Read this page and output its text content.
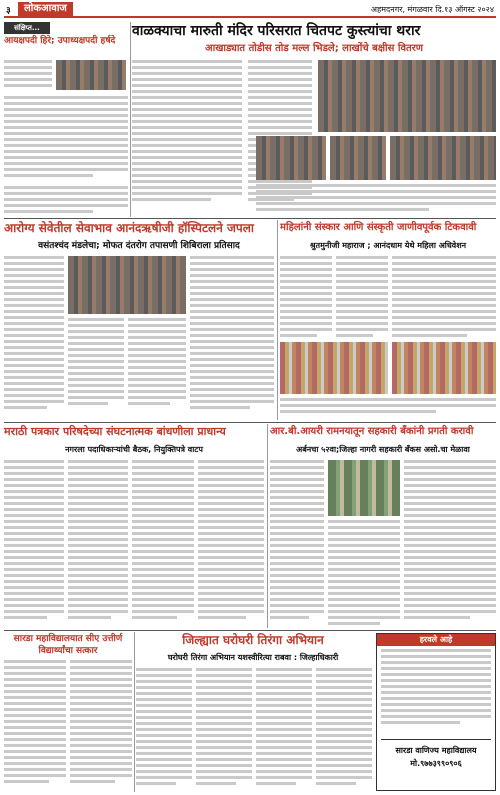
३	लोकआवाज	अहमदनगर, मंगळवार दि.१३ ऑगस्ट २०२४
संक्षिप्त...
आयक्षपदी हिरे; उपाध्यक्षपदी हर्षदे
वाळक्याचा मारुती मंदिर परिसरात चितपट कुस्त्यांचा थरार
आखाड्यात तोडीस तोड मल्ल भिडले; लाखोंचे बक्षीस वितरण
आरोग्य सेवेतील सेवाभाव आनंदऋषीजी हॉस्पिटलने जपला
वसंतश्चंद मंडलेचा; मोफत दंतरोग तपासणी शिबिराला प्रतिसाद
महिलांनी संस्कार आणि संस्कृती जाणीवपूर्वक टिकवावी
श्रुतमुनीजी महाराज ; आनंदधाम येथे महिला अधिवेशन
मराठी पत्रकार परिषदेच्या संघटनात्मक बांधणीला प्राधान्य
नगरला पदाधिकाऱ्यांची बैठक, नियुक्तिपत्रे वाटप
आर.बी.आयरी रामनयातून सहकारी बँकांनी प्रगती करावी
अर्बनचा ५२वा;जिल्हा नागरी सहकारी बँकस असो.चा मेळावा
सारडा महाविद्यालयात सीए उत्तीर्ण विद्यार्थ्यांचा सत्कार
जिल्ह्यात घरोघरी तिरंगा अभियान
घरोघरी तिरंगा अभियान यशस्वीरित्या राबवा : जिल्हाधिकारी
हरवले आहे
सारडा वाणिज्य महाविद्यालय
मो.९७७३९९०९०६
